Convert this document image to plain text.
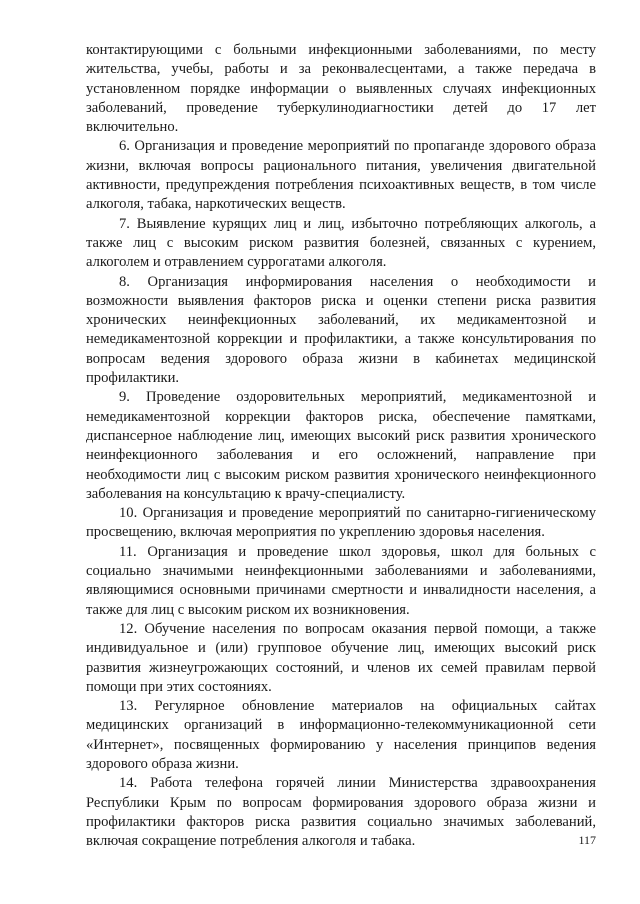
контактирующими с больными инфекционными заболеваниями, по месту жительства, учебы, работы и за реконвалесцентами, а также передача в установленном порядке информации о выявленных случаях инфекционных заболеваний, проведение туберкулинодиагностики детей до 17 лет включительно.

6. Организация и проведение мероприятий по пропаганде здорового образа жизни, включая вопросы рационального питания, увеличения двигательной активности, предупреждения потребления психоактивных веществ, в том числе алкоголя, табака, наркотических веществ.

7. Выявление курящих лиц и лиц, избыточно потребляющих алкоголь, а также лиц с высоким риском развития болезней, связанных с курением, алкоголем и отравлением суррогатами алкоголя.

8. Организация информирования населения о необходимости и возможности выявления факторов риска и оценки степени риска развития хронических неинфекционных заболеваний, их медикаментозной и немедикаментозной коррекции и профилактики, а также консультирования по вопросам ведения здорового образа жизни в кабинетах медицинской профилактики.

9. Проведение оздоровительных мероприятий, медикаментозной и немедикаментозной коррекции факторов риска, обеспечение памятками, диспансерное наблюдение лиц, имеющих высокий риск развития хронического неинфекционного заболевания и его осложнений, направление при необходимости лиц с высоким риском развития хронического неинфекционного заболевания на консультацию к врачу-специалисту.

10. Организация и проведение мероприятий по санитарно-гигиеническому просвещению, включая мероприятия по укреплению здоровья населения.

11. Организация и проведение школ здоровья, школ для больных с социально значимыми неинфекционными заболеваниями и заболеваниями, являющимися основными причинами смертности и инвалидности населения, а также для лиц с высоким риском их возникновения.

12. Обучение населения по вопросам оказания первой помощи, а также индивидуальное и (или) групповое обучение лиц, имеющих высокий риск развития жизнеугрожающих состояний, и членов их семей правилам первой помощи при этих состояниях.

13. Регулярное обновление материалов на официальных сайтах медицинских организаций в информационно-телекоммуникационной сети «Интернет», посвященных формированию у населения принципов ведения здорового образа жизни.

14. Работа телефона горячей линии Министерства здравоохранения Республики Крым по вопросам формирования здорового образа жизни и профилактики факторов риска развития социально значимых заболеваний, включая сокращение потребления алкоголя и табака.	117
